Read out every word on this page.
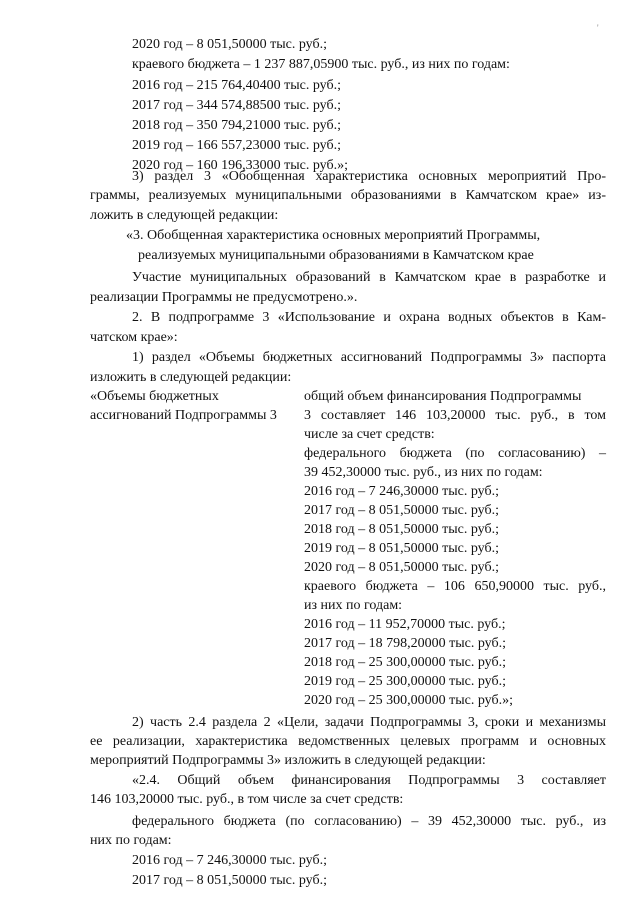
'
2020 год – 8 051,50000 тыс. руб.;
краевого бюджета – 1 237 887,05900 тыс. руб., из них по годам:
2016 год – 215 764,40400 тыс. руб.;
2017 год – 344 574,88500 тыс. руб.;
2018 год – 350 794,21000 тыс. руб.;
2019 год – 166 557,23000 тыс. руб.;
2020 год – 160 196,33000 тыс. руб.»;
3) раздел 3 «Обобщенная характеристика основных мероприятий Про-
граммы, реализуемых муниципальными образованиями в Камчатском крае» из-
ложить в следующей редакции:
«3. Обобщенная характеристика основных мероприятий Программы,
реализуемых муниципальными образованиями в Камчатском крае
Участие муниципальных образований в Камчатском крае в разработке и
реализации Программы не предусмотрено.».
2. В подпрограмме 3 «Использование и охрана водных объектов в Кам-
чатском крае»:
1) раздел «Объемы бюджетных ассигнований Подпрограммы 3» паспорта
изложить в следующей редакции:
«Объемы бюджетных
ассигнований Подпрограммы 3
общий объем финансирования Подпрограммы
3 составляет 146 103,20000 тыс. руб., в том
числе за счет средств:
федерального бюджета (по согласованию) –
39 452,30000 тыс. руб., из них по годам:
2016 год – 7 246,30000 тыс. руб.;
2017 год – 8 051,50000 тыс. руб.;
2018 год – 8 051,50000 тыс. руб.;
2019 год – 8 051,50000 тыс. руб.;
2020 год – 8 051,50000 тыс. руб.;
краевого бюджета – 106 650,90000 тыс. руб.,
из них по годам:
2016 год – 11 952,70000 тыс. руб.;
2017 год – 18 798,20000 тыс. руб.;
2018 год – 25 300,00000 тыс. руб.;
2019 год – 25 300,00000 тыс. руб.;
2020 год – 25 300,00000 тыс. руб.»;
2) часть 2.4 раздела 2 «Цели, задачи Подпрограммы 3, сроки и механизмы
ее реализации, характеристика ведомственных целевых программ и основных
мероприятий Подпрограммы 3» изложить в следующей редакции:
«2.4. Общий объем финансирования Подпрограммы 3 составляет
146 103,20000 тыс. руб., в том числе за счет средств:
федерального бюджета (по согласованию) – 39 452,30000 тыс. руб., из
них по годам:
2016 год – 7 246,30000 тыс. руб.;
2017 год – 8 051,50000 тыс. руб.;
